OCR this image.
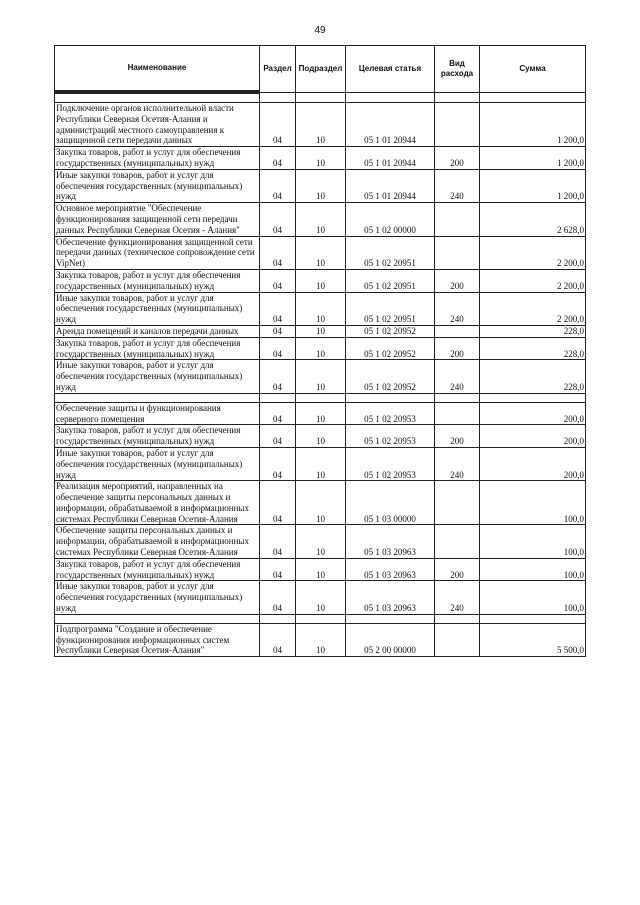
49
Наименование	Раздел	Подраздел	Целевая статья	Вид расхода	Сумма

Подключение органов исполнительной власти Республики Северная Осетия-Алания и администраций местного самоуправления к защищенной сети передачи данных	04	10	05 1 01 20944		1 200,0
Закупка товаров, работ и услуг для обеспечения государственных (муниципальных) нужд	04	10	05 1 01 20944	200	1 200,0
Иные закупки товаров, работ и услуг для обеспечения государственных (муниципальных) нужд	04	10	05 1 01 20944	240	1 200,0
Основное мероприятие "Обеспечение функционирования защищенной сети передачи данных Республики Северная Осетия - Алания"	04	10	05 1 02 00000		2 628,0
Обеспечение функционирования защищенной сети передачи данных (техническое сопровождение сети VipNet)	04	10	05 1 02 20951		2 200,0
Закупка товаров, работ и услуг для обеспечения государственных (муниципальных) нужд	04	10	05 1 02 20951	200	2 200,0
Иные закупки товаров, работ и услуг для обеспечения государственных (муниципальных) нужд	04	10	05 1 02 20951	240	2 200,0
Аренда помещений и каналов передачи данных	04	10	05 1 02 20952		228,0
Закупка товаров, работ и услуг для обеспечения государственных (муниципальных) нужд	04	10	05 1 02 20952	200	228,0
Иные закупки товаров, работ и услуг для обеспечения государственных (муниципальных) нужд	04	10	05 1 02 20952	240	228,0

Обеспечение защиты и функционирования серверного помещения	04	10	05 1 02 20953		200,0
Закупка товаров, работ и услуг для обеспечения государственных (муниципальных) нужд	04	10	05 1 02 20953	200	200,0
Иные закупки товаров, работ и услуг для обеспечения государственных (муниципальных) нужд	04	10	05 1 02 20953	240	200,0
Реализация мероприятий, направленных на обеспечение защиты персональных данных и информации, обрабатываемой в информационных системах Республики Северная Осетия-Алания	04	10	05 1 03 00000		100,0
Обеспечение защиты персональных данных и информации, обрабатываемой в информационных системах Республики Северная Осетия-Алания	04	10	05 1 03 20963		100,0
Закупка товаров, работ и услуг для обеспечения государственных (муниципальных) нужд	04	10	05 1 03 20963	200	100,0
Иные закупки товаров, работ и услуг для обеспечения государственных (муниципальных) нужд	04	10	05 1 03 20963	240	100,0

Подпрограмма "Создание и обеспечение функционирования информационных систем Республики Северная Осетия-Алания"	04	10	05 2 00 00000		5 500,0
